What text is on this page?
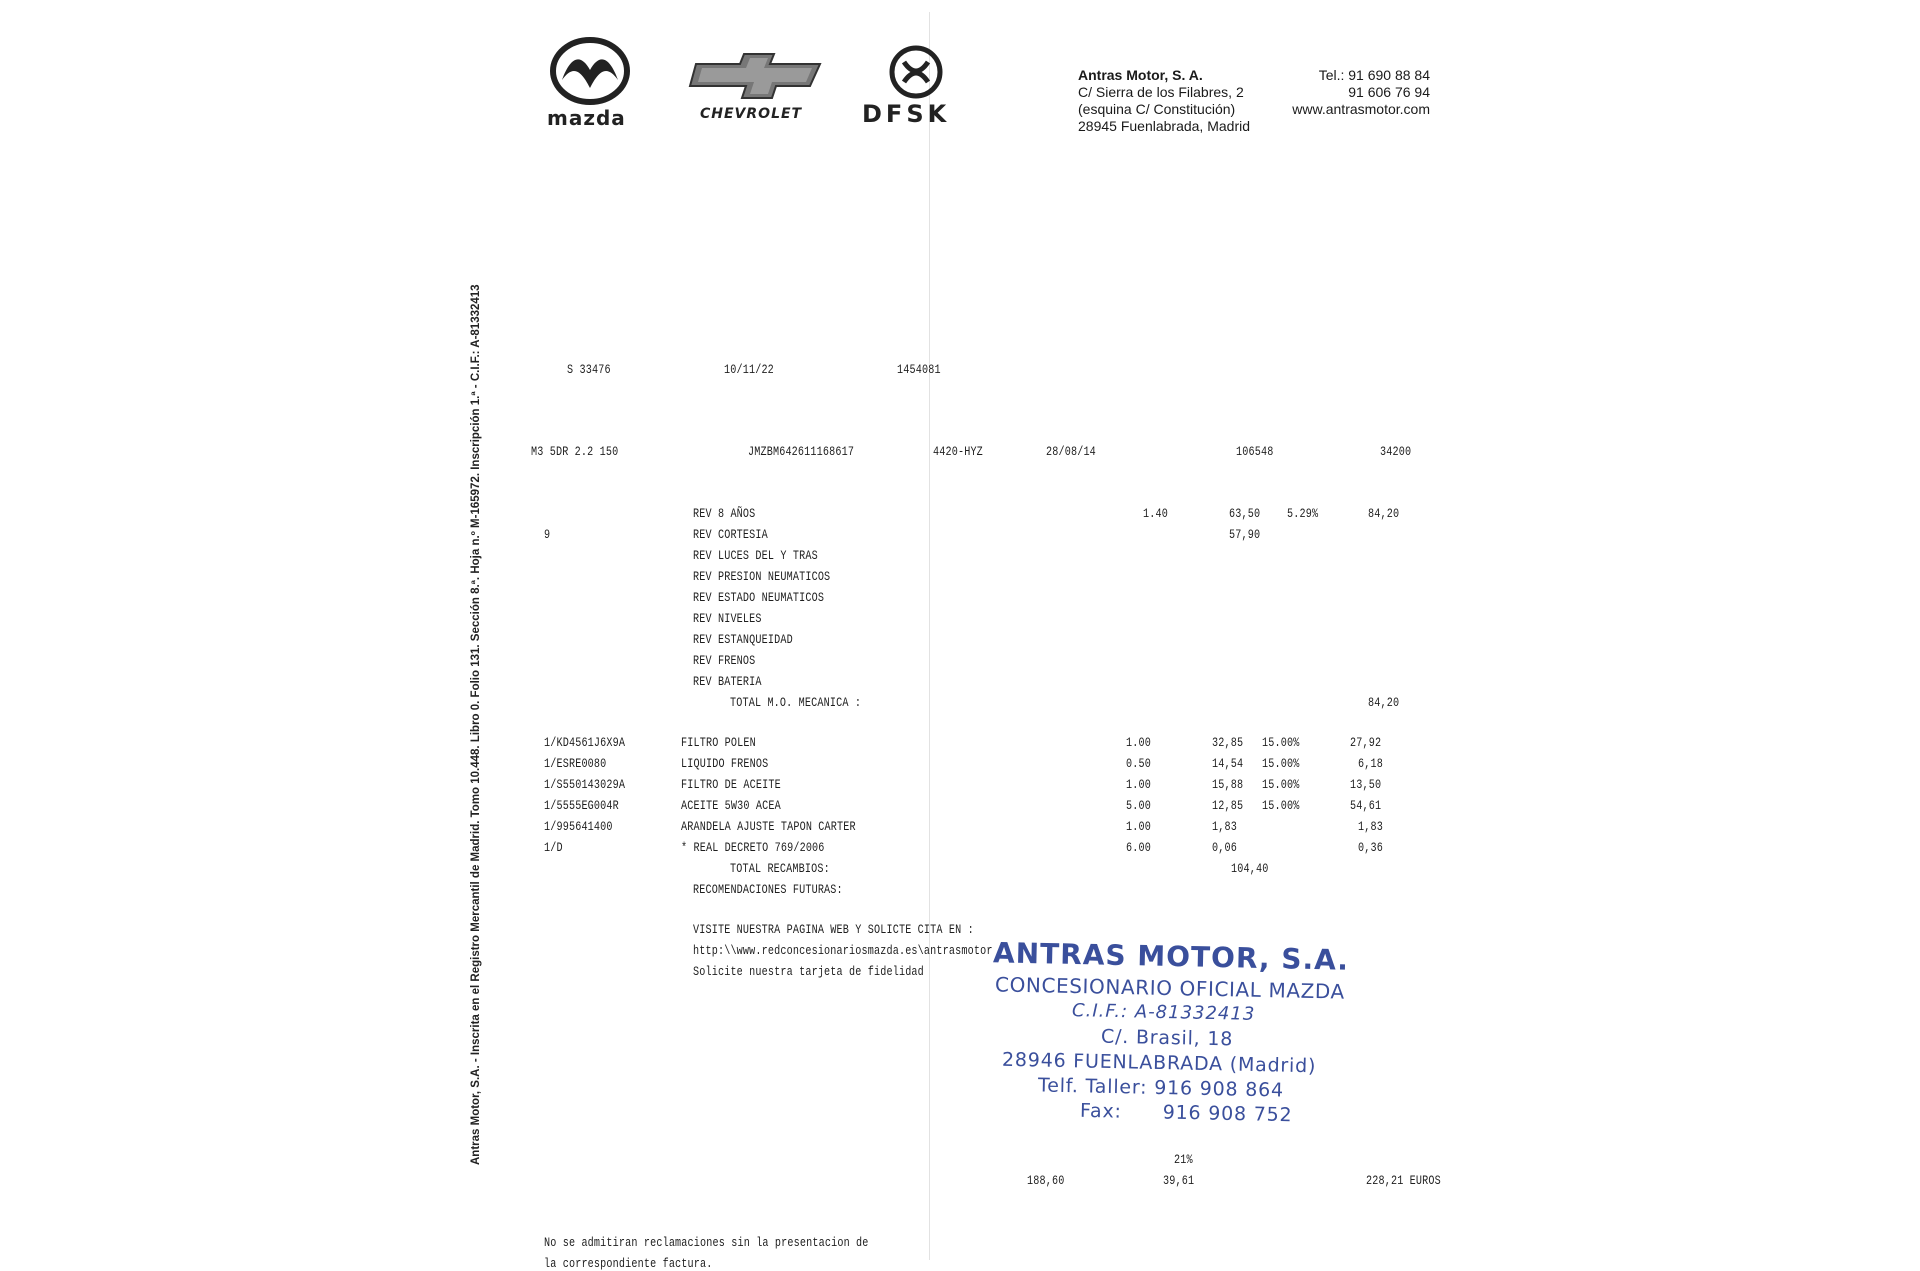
mazda	CHEVROLET DFSK
Antras Motor, S. A.
C/ Sierra de los Filabres, 2
(esquina C/ Constitución)
28945 Fuenlabrada, Madrid
Tel.: 91 690 88 84
91 606 76 94
www.antrasmotor.com
Antras Motor, S.A. - Inscrita en el Registro Mercantil de Madrid. Tomo 10.448. Libro 0. Folio 131. Sección 8.ª. Hoja n.º M-165972. Inscripción 1.ª - C.I.F.: A-81332413	S 33476	10/11/22	1454081
M3 5DR 2.2 150	JMZBM642611168617	4420-HYZ	28/08/14	106548	34200
REV 8 AÑOS	1.40	63,50 5.29%	84,20
9	REV CORTESIA	57,90
REV LUCES DEL Y TRAS
REV PRESION NEUMATICOS
REV ESTADO NEUMATICOS
REV NIVELES
REV ESTANQUEIDAD
REV FRENOS
REV BATERIA
TOTAL M.O. MECANICA :	84,20
1/KD4561J6X9A	FILTRO POLEN	1.00	32,85 15.00%	27,92
1/ESRE0080	LIQUIDO FRENOS	0.50	14,54 15.00%	6,18
1/S550143029A	FILTRO DE ACEITE	1.00	15,88 15.00%	13,50
1/5555EG004R	ACEITE 5W30 ACEA	5.00	12,85 15.00%	54,61
1/995641400	ARANDELA AJUSTE TAPON CARTER	1.00	1,83	1,83
1/D	* REAL DECRETO 769/2006	6.00	0,06	0,36
TOTAL RECAMBIOS:	104,40
RECOMENDACIONES FUTURAS:
VISITE NUESTRA PAGINA WEB Y SOLICTE CITA EN :
http:\\www.redconcesionariosmazda.es\antrasmotor
Solicite nuestra tarjeta de fidelidad ANTRAS MOTOR, S.A.
CONCESIONARIO OFICIAL MAZDA
C.I.F.: A-81332413
C/. Brasil, 18
28946 FUENLABRADA (Madrid)
Telf. Taller: 916 908 864
Fax:      916 908 752
21%
188,60	39,61	228,21 EUROS
No se admitiran reclamaciones sin la presentacion de
la correspondiente factura.
